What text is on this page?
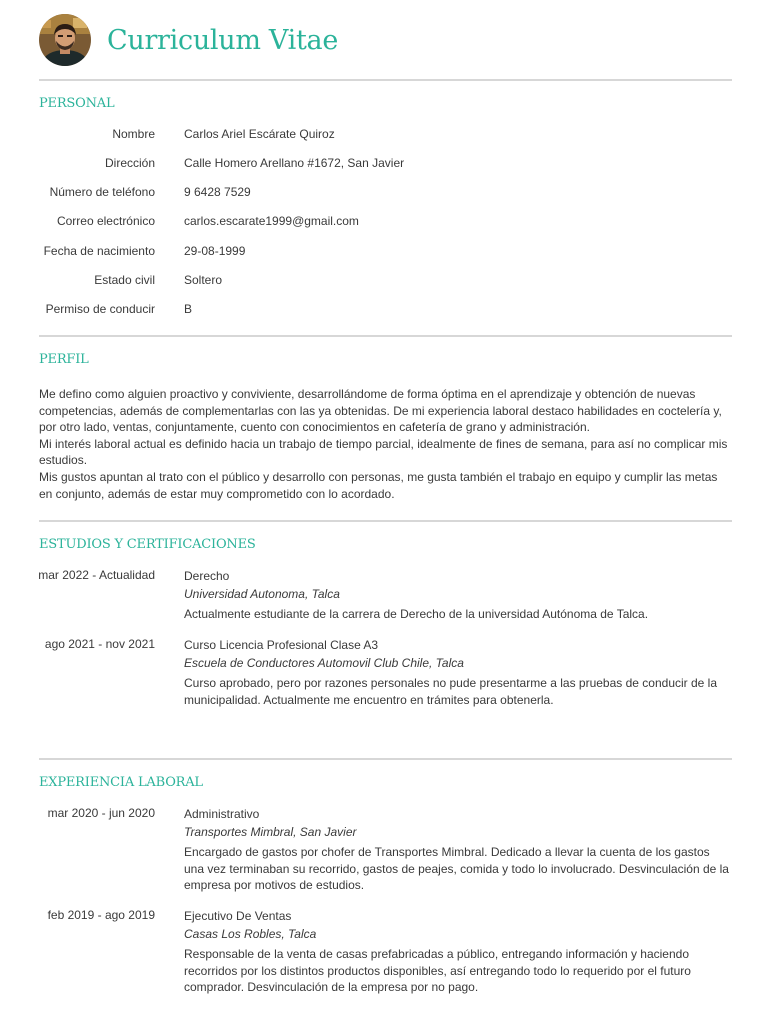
Curriculum Vitae
PERSONAL
Nombre Carlos Ariel Escárate Quiroz
Dirección Calle Homero Arellano #1672, San Javier
Número de teléfono 9 6428 7529
Correo electrónico carlos.escarate1999@gmail.com
Fecha de nacimiento 29-08-1999
Estado civil Soltero
Permiso de conducir B
PERFIL

Me defino como alguien proactivo y conviviente, desarrollándome de forma óptima en el aprendizaje y obtención de nuevas competencias, además de complementarlas con las ya obtenidas. De mi experiencia laboral destaco habilidades en coctelería y, por otro lado, ventas, conjuntamente, cuento con conocimientos en cafetería de grano y administración.

Mi interés laboral actual es definido hacia un trabajo de tiempo parcial, idealmente de fines de semana, para así no complicar mis estudios.

Mis gustos apuntan al trato con el público y desarrollo con personas, me gusta también el trabajo en equipo y cumplir las metas en conjunto, además de estar muy comprometido con lo acordado.

ESTUDIOS Y CERTIFICACIONES
mar 2022 - Actualidad Derecho
Universidad Autonoma, Talca
Actualmente estudiante de la carrera de Derecho de la universidad Autónoma de Talca.
ago 2021 - nov 2021 Curso Licencia Profesional Clase A3
Escuela de Conductores Automovil Club Chile, Talca
Curso aprobado, pero por razones personales no pude presentarme a las pruebas de conducir de la municipalidad. Actualmente me encuentro en trámites para obtenerla.
EXPERIENCIA LABORAL
mar 2020 - jun 2020 Administrativo
Transportes Mimbral, San Javier
Encargado de gastos por chofer de Transportes Mimbral. Dedicado a llevar la cuenta de los gastos una vez terminaban su recorrido, gastos de peajes, comida y todo lo involucrado. Desvinculación de la empresa por motivos de estudios.
feb 2019 - ago 2019 Ejecutivo De Ventas
Casas Los Robles, Talca
Responsable de la venta de casas prefabricadas a público, entregando información y haciendo recorridos por los distintos productos disponibles, así entregando todo lo requerido por el futuro comprador. Desvinculación de la empresa por no pago.
